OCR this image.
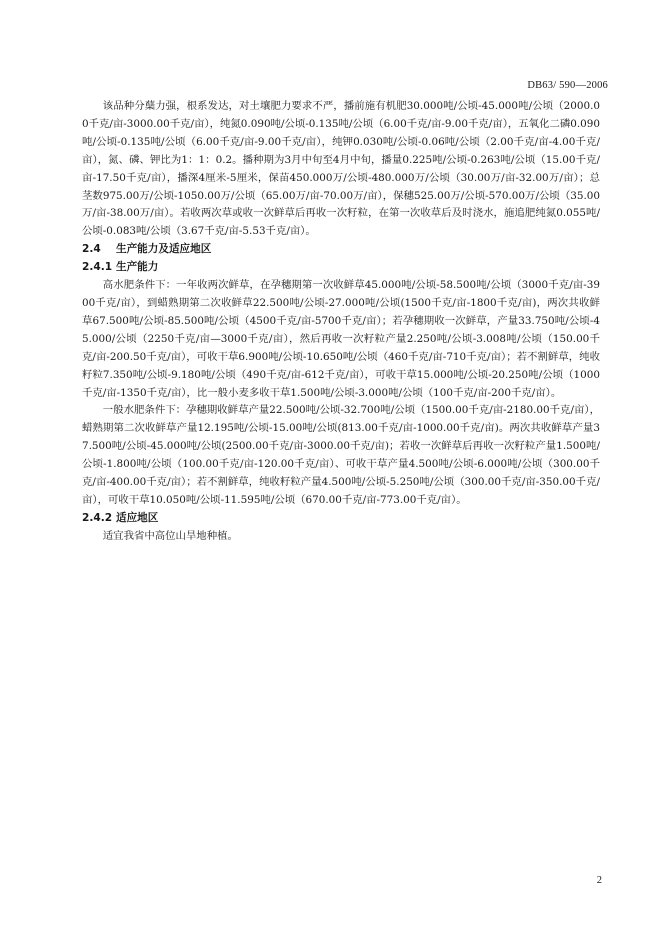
DB63/ 590—2006

该品种分蘖力强，根系发达，对土壤肥力要求不严，播前施有机肥30.000吨/公顷-45.000吨/公顷（2000.00千克/亩-3000.00千克/亩），纯氮0.090吨/公顷-0.135吨/公顷（6.00千克/亩-9.00千克/亩），五氧化二磷0.090吨/公顷-0.135吨/公顷（6.00千克/亩-9.00千克/亩），纯钾0.030吨/公顷-0.06吨/公顷（2.00千克/亩-4.00千克/亩），氮、磷、钾比为1：1：0.2。播种期为3月中旬至4月中旬，播量0.225吨/公顷-0.263吨/公顷（15.00千克/亩-17.50千克/亩），播深4厘米-5厘米，保苗450.000万/公顷-480.000万/公顷（30.00万/亩-32.00万/亩）；总茎数975.00万/公顷-1050.00万/公顷（65.00万/亩-70.00万/亩），保穗525.00万/公顷-570.00万/公顷（35.00万/亩-38.00万/亩）。若收两次草或收一次鲜草后再收一次籽粒，在第一次收草后及时浇水，施追肥纯氮0.055吨/公顷-0.083吨/公顷（3.67千克/亩-5.53千克/亩）。

2.4 生产能力及适应地区
2.4.1 生产能力

高水肥条件下：一年收两次鲜草，在孕穗期第一次收鲜草45.000吨/公顷-58.500吨/公顷（3000千克/亩-3900千克/亩），到蜡熟期第二次收鲜草22.500吨/公顷-27.000吨/公顷(1500千克/亩-1800千克/亩)，两次共收鲜草67.500吨/公顷-85.500吨/公顷（4500千克/亩-5700千克/亩）；若孕穗期收一次鲜草，产量33.750吨/公顷-45.000/公顷（2250千克/亩—3000千克/亩），然后再收一次籽粒产量2.250吨/公顷-3.008吨/公顷（150.00千克/亩-200.50千克/亩），可收干草6.900吨/公顷-10.650吨/公顷（460千克/亩-710千克/亩）；若不割鲜草，纯收籽粒7.350吨/公顷-9.180吨/公顷（490千克/亩-612千克/亩），可收干草15.000吨/公顷-20.250吨/公顷（1000千克/亩-1350千克/亩），比一般小麦多收干草1.500吨/公顷-3.000吨/公顷（100千克/亩-200千克/亩）。

一般水肥条件下：孕穗期收鲜草产量22.500吨/公顷-32.700吨/公顷（1500.00千克/亩-2180.00千克/亩），蜡熟期第二次收鲜草产量12.195吨/公顷-15.00吨/公顷(813.00千克/亩-1000.00千克/亩)。两次共收鲜草产量37.500吨/公顷-45.000吨/公顷(2500.00千克/亩-3000.00千克/亩)；若收一次鲜草后再收一次籽粒产量1.500吨/公顷-1.800吨/公顷（100.00千克/亩-120.00千克/亩）、可收干草产量4.500吨/公顷-6.000吨/公顷（300.00千克/亩-400.00千克/亩）；若不割鲜草，纯收籽粒产量4.500吨/公顷-5.250吨/公顷（300.00千克/亩-350.00千克/亩），可收干草10.050吨/公顷-11.595吨/公顷（670.00千克/亩-773.00千克/亩）。

2.4.2 适应地区

适宜我省中高位山旱地种植。

2
